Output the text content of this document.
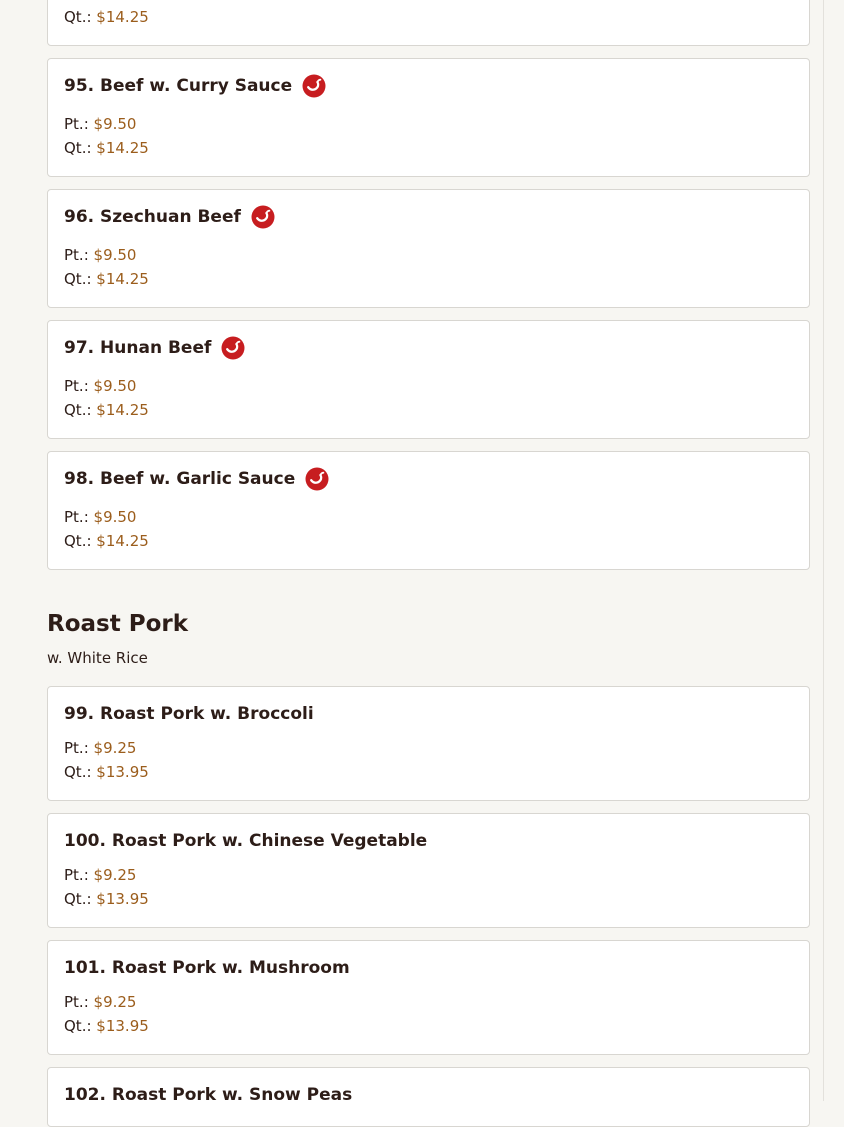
Qt.: $14.25
95. Beef w. Curry Sauce
Pt.: $9.50
Qt.: $14.25
96. Szechuan Beef
Pt.: $9.50
Qt.: $14.25
97. Hunan Beef
Pt.: $9.50
Qt.: $14.25
98. Beef w. Garlic Sauce
Pt.: $9.50
Qt.: $14.25
Roast Pork
w. White Rice
99. Roast Pork w. Broccoli
Pt.: $9.25
Qt.: $13.95
100. Roast Pork w. Chinese Vegetable
Pt.: $9.25
Qt.: $13.95
101. Roast Pork w. Mushroom
Pt.: $9.25
Qt.: $13.95
102. Roast Pork w. Snow Peas
